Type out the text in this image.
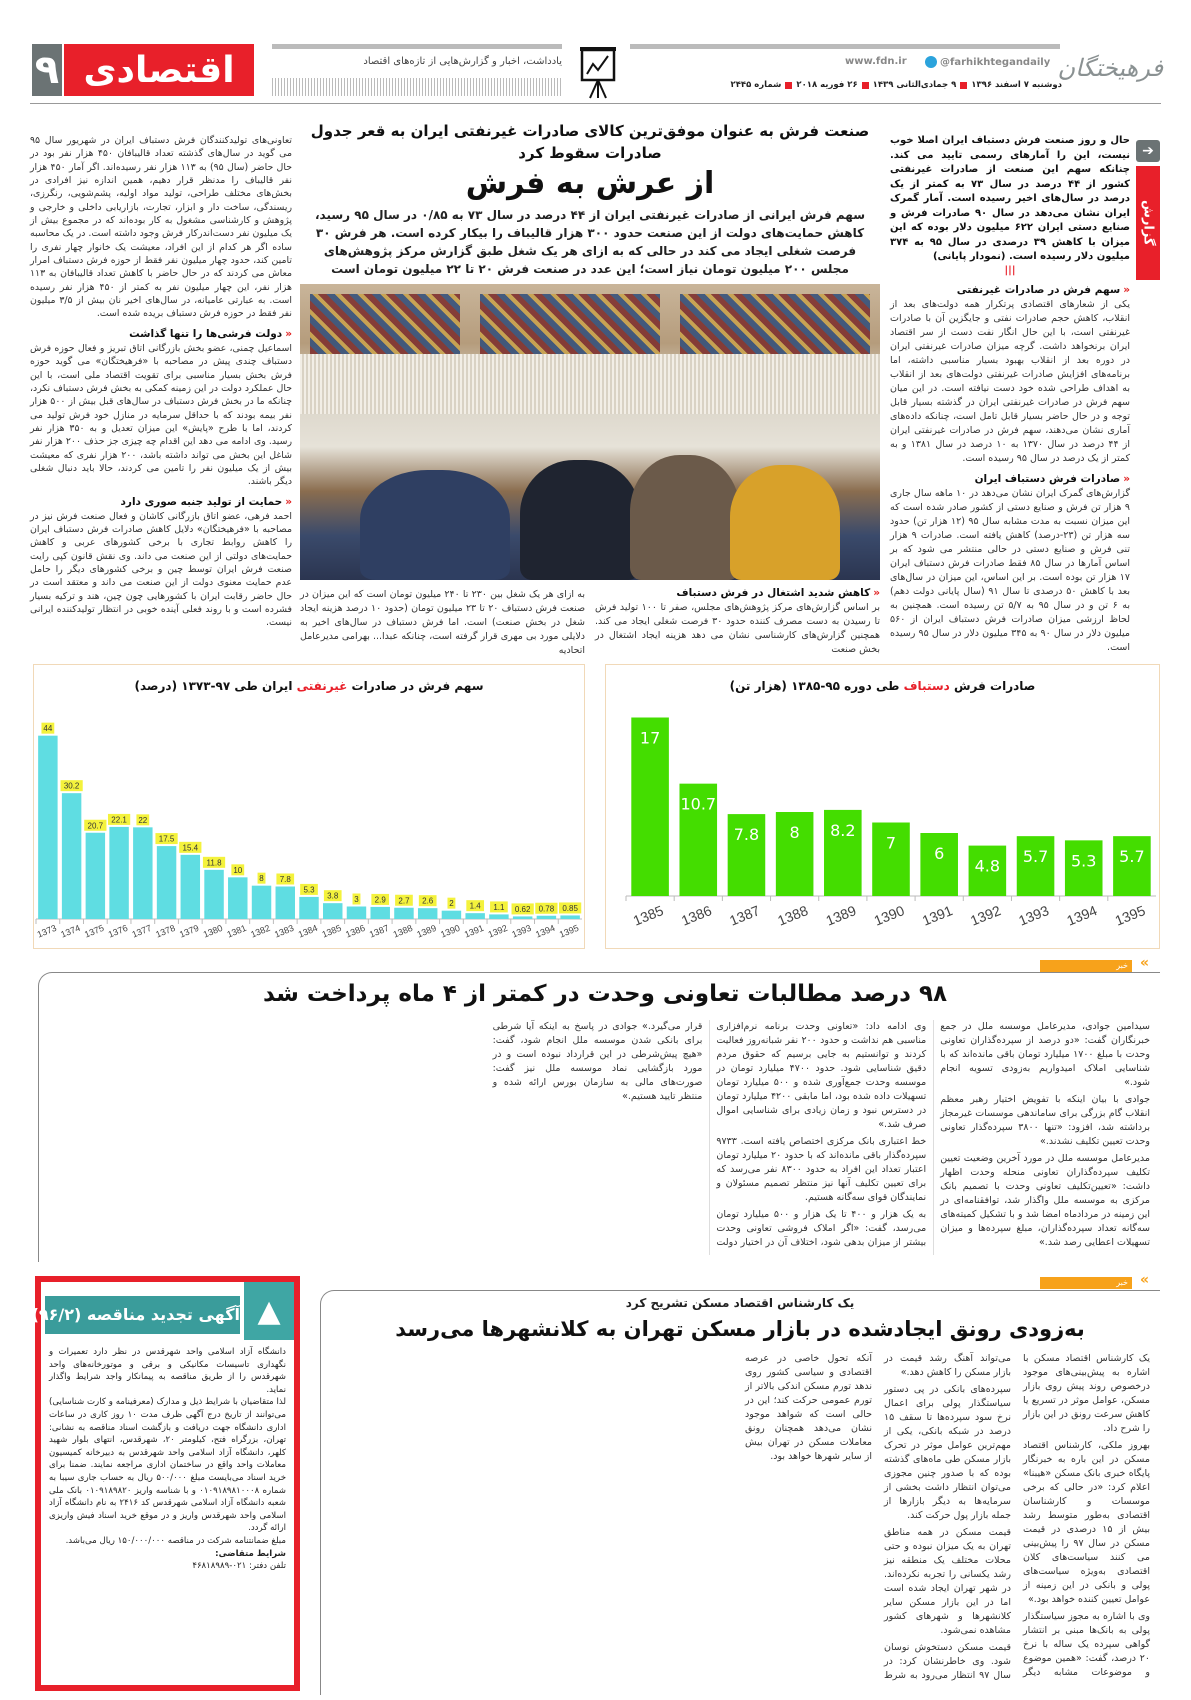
۹ اقتصادی	یادداشت، اخبار و گزارش‌هایی از تازه‌های اقتصاد	www.fdn.ir	@farhikhtegandaily
دوشنبه ۷ اسفند ۱۳۹۶
۹ جمادی‌الثانی ۱۴۳۹
۲۶ فوریه ۲۰۱۸
شماره ۲۴۴۵
فرهیختگان
➔
گزارش
حال و روز صنعت فرش دستباف ایران اصلا خوب نیست، این را آمارهای رسمی تایید می کند. چنانکه سهم این صنعت از صادرات غیرنفتی کشور از ۴۴ درصد در سال ۷۳ به کمتر از یک درصد در سال‌های اخیر رسیده است. آمار گمرک ایران نشان می‌دهد در سال ۹۰ صادرات فرش و صنایع دستی ایران ۶۲۲ میلیون دلار بوده که این میزان با کاهش ۳۹ درصدی در سال ۹۵ به ۳۷۴ میلیون دلار رسیده است. (نمودار پایانی)
|||
«سهم فرش در صادرات غیرنفتی
یکی از شعارهای اقتصادی پرتکرار همه دولت‌های بعد از انقلاب، کاهش حجم صادرات نفتی و جایگزین آن با صادرات غیرنفتی است، با این حال انگار نفت دست از سر اقتصاد ایران برنخواهد داشت. گرچه میزان صادرات غیرنفتی ایران در دوره بعد از انقلاب بهبود بسیار مناسبی داشته، اما برنامه‌های افزایش صادرات غیرنفتی دولت‌های بعد از انقلاب به اهداف طراحی شده خود دست نیافته است. در این میان سهم فرش در صادرات غیرنفتی ایران در گذشته بسیار قابل توجه و در حال حاضر بسیار قابل تامل است، چنانکه داده‌های آماری نشان می‌دهند، سهم فرش در صادرات غیرنفتی ایران از ۴۴ درصد در سال ۱۳۷۰ به ۱۰ درصد در سال ۱۳۸۱ و به کمتر از یک درصد در سال ۹۵ رسیده است.
«صادرات فرش دستباف ایران
گزارش‌های گمرک ایران نشان می‌دهد در ۱۰ ماهه سال جاری ۹ هزار تن فرش و صنایع دستی از کشور صادر شده است که این میزان نسبت به مدت مشابه سال ۹۵ (۱۲ هزار تن) حدود سه هزار تن (۲۳-درصد) کاهش یافته است. صادرات ۹ هزار تنی فرش و صنایع دستی در حالی منتشر می شود که بر اساس آمارها در سال ۸۵ فقط صادرات فرش دستباف ایران ۱۷ هزار تن بوده است. بر این اساس، این میزان در سال‌های بعد با کاهش ۵۰ درصدی تا سال ۹۱ (سال پایانی دولت دهم) به ۶ تن و در سال ۹۵ به ۵/۷ تن رسیده است. همچنین به لحاظ ارزشی میزان صادرات فرش دستباف ایران از ۵۶۰ میلیون دلار در سال ۹۰ به ۳۴۵ میلیون دلار در سال ۹۵ رسیده است.
صنعت فرش به عنوان موفق‌ترین کالای صادرات غیرنفتی ایران به قعر جدول صادرات سقوط کرد
از عرش به فرش
سهم فرش ایرانی از صادرات غیرنفتی ایران از ۴۴ درصد در سال ۷۳ به ۰/۸۵ در سال ۹۵ رسید، کاهش حمایت‌های دولت از این صنعت حدود ۳۰۰ هزار قالیباف را بیکار کرده است. هر فرش ۳۰ فرصت شغلی ایجاد می کند در حالی که به ازای هر یک شغل طبق گزارش مرکز پژوهش‌های مجلس ۲۰۰ میلیون تومان نیاز است؛ این عدد در صنعت فرش ۲۰ تا ۲۲ میلیون تومان است
«کاهش شدید اشتغال در فرش دستباف
بر اساس گزارش‌های مرکز پژوهش‌های مجلس، صفر تا ۱۰۰ تولید فرش تا رسیدن به دست مصرف کننده حدود ۳۰ فرصت شغلی ایجاد می کند. همچنین گزارش‌های کارشناسی نشان می دهد هزینه ایجاد اشتغال در بخش صنعت
به ازای هر یک شغل بین ۲۳۰ تا ۲۴۰ میلیون تومان است که این میزان در صنعت فرش دستباف ۲۰ تا ۲۳ میلیون تومان (حدود ۱۰ درصد هزینه ایجاد شغل در بخش صنعت) است. اما فرش دستباف در سال‌های اخیر به دلایلی مورد بی مهری قرار گرفته است، چنانکه عبدا... بهرامی مدیرعامل اتحادیه
تعاونی‌های تولیدکنندگان فرش دستباف ایران در شهریور سال ۹۵ می گوید در سال‌های گذشته تعداد قالیبافان ۴۵۰ هزار نفر بود در حال حاضر (سال ۹۵) به ۱۱۳ هزار نفر رسیده‌اند. اگر آمار ۴۵۰ هزار نفر قالیباف را مدنظر قرار دهیم، همین اندازه نیز افرادی در بخش‌های مختلف طراحی، تولید مواد اولیه، پشم‌شویی، رنگرزی، ریسندگی، ساخت دار و ابزار، تجارت، بازاریابی داخلی و خارجی و پژوهش و کارشناسی مشغول به کار بوده‌اند که در مجموع بیش از یک میلیون نفر دست‌اندرکار فرش وجود داشته است. در یک محاسبه ساده اگر هر کدام از این افراد، معیشت یک خانوار چهار نفری را تامین کند، حدود چهار میلیون نفر فقط از حوزه فرش دستباف امرار معاش می کردند که در حال حاضر با کاهش تعداد قالیبافان به ۱۱۳ هزار نفر، این چهار میلیون نفر به کمتر از ۴۵۰ هزار نفر رسیده است. به عبارتی عامیانه، در سال‌های اخیر نان بیش از ۳/۵ میلیون نفر فقط در حوزه فرش دستباف بریده شده است.
«دولت فرشی‌ها را تنها گذاشت
اسماعیل چمنی، عضو بخش بازرگانی اتاق تبریز و فعال حوزه فرش دستباف چندی پیش در مصاحبه با «فرهیختگان» می گوید حوزه فرش بخش بسیار مناسبی برای تقویت اقتصاد ملی است، با این حال عملکرد دولت در این زمینه کمکی به بخش فرش دستباف نکرد، چنانکه ما در بخش فرش دستباف در سال‌های قبل بیش از ۵۰۰ هزار نفر بیمه بودند که با حداقل سرمایه در منازل خود فرش تولید می کردند، اما با طرح «پایش» این میزان تعدیل و به ۳۵۰ هزار نفر رسید. وی ادامه می دهد این اقدام چه چیزی جز حذف ۲۰۰ هزار نفر شاغل این بخش می تواند داشته باشد، ۲۰۰ هزار نفری که معیشت بیش از یک میلیون نفر را تامین می کردند، حالا باید دنبال شغلی دیگر باشند.
«حمایت از تولید جنبه صوری دارد
احمد فرهی، عضو اتاق بازرگانی کاشان و فعال صنعت فرش نیز در مصاحبه با «فرهیختگان» دلایل کاهش صادرات فرش دستباف ایران را کاهش روابط تجاری با برخی کشورهای عربی و کاهش حمایت‌های دولتی از این صنعت می داند. وی نقش قانون کپی رایت صنعت فرش ایران توسط چین و برخی کشورهای دیگر را حامل عدم حمایت معنوی دولت از این صنعت می داند و معتقد است در حال حاضر رقابت ایران با کشورهایی چون چین، هند و ترکیه بسیار فشرده است و با روند فعلی آینده خوبی در انتظار تولیدکننده ایرانی نیست.
1373
44
1374
30.2
1375
20.7
1376
22.1
1377
22
1378
17.5
1379
15.4
1380
11.8
1381
10
1382
8
1383
7.8
1384
5.3
1385
3.8
1386
3
1387
2.9
1388
2.7
1389
2.6
1390
2
1391
1.4
1392
1.1
1393
0.62
1394
0.78
1395
0.85
سهم فرش در صادرات غیرنفتی ایران طی ۹۷-۱۳۷۳ (درصد)
1385
17
1386
10.7
1387
7.8
1388
8
1389
8.2
1390
7
1391
6
1392
4.8
1393
5.7
1394
5.3
1395
5.7
صادرات فرش دستباف طی دوره ۹۵-۱۳۸۵ (هزار تن)
خبر »
۹۸ درصد مطالبات تعاونی وحدت در کمتر از ۴ ماه پرداخت شد

سیدامین جوادی، مدیرعامل موسسه ملل در جمع خبرنگاران گفت: «دو درصد از سپرده‌گذاران تعاونی وحدت با مبلغ ۱۷۰۰ میلیارد تومان باقی مانده‌اند که با شناسایی املاک امیدواریم به‌زودی تسویه انجام شود.»

جوادی با بیان اینکه با تفویض اختیار رهبر معظم انقلاب گام بزرگی برای ساماندهی موسسات غیرمجاز برداشته شد، افزود: «تنها ۳۸۰۰ سپرده‌گذار تعاونی وحدت تعیین تکلیف نشدند.»

مدیرعامل موسسه ملل در مورد آخرین وضعیت تعیین تکلیف سپرده‌گذاران تعاونی منحله وحدت اظهار داشت: «تعیین‌تکلیف تعاونی وحدت با تصمیم بانک مرکزی به موسسه ملل واگذار شد، توافقنامه‌ای در این زمینه در مردادماه امضا شد و با تشکیل کمیته‌های سه‌گانه تعداد سپرده‌گذاران، مبلغ سپرده‌ها و میزان تسهیلات اعطایی رصد شد.»

وی ادامه داد: «تعاونی وحدت برنامه نرم‌افزاری مناسبی هم نداشت و حدود ۲۰۰ نفر شبانه‌روز فعالیت کردند و توانستیم به جایی برسیم که حقوق مردم دقیق شناسایی شود. حدود ۴۷۰۰ میلیارد تومان در موسسه وحدت جمع‌آوری شده و ۵۰۰ میلیارد تومان تسهیلات داده شده بود، اما مابقی ۴۲۰۰ میلیارد تومان در دسترس نبود و زمان زیادی برای شناسایی اموال صرف شد.»

خط اعتباری بانک مرکزی اختصاص یافته است. ۹۷۳۳ سپرده‌گذار باقی مانده‌اند که با حدود ۲۰ میلیارد تومان اعتبار تعداد این افراد به حدود ۸۳۰۰ نفر می‌رسد که برای تعیین تکلیف آنها نیز منتظر تصمیم مسئولان و نمایندگان قوای سه‌گانه هستیم.

به یک هزار و ۴۰۰ تا یک هزار و ۵۰۰ میلیارد تومان می‌رسد، گفت: «اگر املاک فروشی تعاونی وحدت بیشتر از میزان بدهی شود، اختلاف آن در اختیار دولت قرار می‌گیرد.» جوادی در پاسخ به اینکه آیا شرطی برای بانکی شدن موسسه ملل انجام شود، گفت: «هیچ پیش‌شرطی در این قرارداد نبوده است و در مورد بازگشایی نماد موسسه ملل نیز گفت: صورت‌های مالی به سازمان بورس ارائه شده و منتظر تایید هستیم.»

▲
آگهی تجدید مناقصه (۹۶/۲)

دانشگاه آزاد اسلامی واحد شهرقدس در نظر دارد تعمیرات و نگهداری تاسیسات مکانیکی و برقی و موتورخانه‌های واحد شهرقدس را از طریق مناقصه به پیمانکار واجد شرایط واگذار نماید.

لذا متقاضیان با شرایط ذیل و مدارک (معرفینامه و کارت شناسایی) می‌توانند از تاریخ درج آگهی ظرف مدت ۱۰ روز کاری در ساعات اداری دانشگاه جهت دریافت و بازگشت اسناد مناقصه به نشانی: تهران، بزرگراه فتح، کیلومتر ۲۰، شهرقدس، انتهای بلوار شهید کلهر، دانشگاه آزاد اسلامی واحد شهرقدس به دبیرخانه کمیسیون معاملات واحد واقع در ساختمان اداری مراجعه نمایند. ضمنا برای خرید اسناد می‌بایست مبلغ ۵۰۰/۰۰۰ ریال به حساب جاری سیبا به شماره ۰۱۰۹۱۸۹۸۱۰۰۰۸ و با شناسه واریز ۰۱۰۹۱۸۹۸۲۰ بانک ملی شعبه دانشگاه آزاد اسلامی شهرقدس کد ۲۴۱۶ به نام دانشگاه آزاد اسلامی واحد شهرقدس واریز و در موقع خرید اسناد فیش واریزی ارائه گردد.

مبلغ ضمانتنامه شرکت در مناقصه ۱۵۰/۰۰۰/۰۰۰ ریال می‌باشد.

شرایط متقاضی:

تلفن دفتر: ۰۲۱-۴۶۸۱۸۹۸۹

خبر »
یک کارشناس اقتصاد مسکن تشریح کرد
به‌زودی رونق ایجادشده در بازار مسکن تهران به کلانشهرها می‌رسد

یک کارشناس اقتصاد مسکن با اشاره به پیش‌بینی‌های موجود درخصوص روند پیش روی بازار مسکن، عوامل موثر در تسریع یا کاهش سرعت رونق در این بازار را شرح داد.

بهروز ملکی، کارشناس اقتصاد مسکن در این باره به خبرنگار پایگاه خبری بانک مسکن «هیبنا» اعلام کرد: «در حالی که برخی موسسات و کارشناسان اقتصادی به‌طور متوسط رشد بیش از ۱۵ درصدی در قیمت مسکن در سال ۹۷ را پیش‌بینی می کنند سیاست‌های کلان اقتصادی به‌ویژه سیاست‌های پولی و بانکی در این زمینه از عوامل تعیین کننده خواهد بود.»

وی با اشاره به مجوز سیاستگذار پولی به بانک‌ها مبنی بر انتشار گواهی سپرده یک ساله با نرخ ۲۰ درصد، گفت: «همین موضوع و موضوعات مشابه دیگر می‌تواند آهنگ رشد قیمت در بازار مسکن را کاهش دهد.»

سپرده‌های بانکی در پی دستور سیاستگذار پولی برای اعمال نرخ سود سپرده‌ها تا سقف ۱۵ درصد در شبکه بانکی، یکی از مهم‌ترین عوامل موثر در تحرک بازار مسکن طی ماه‌های گذشته بوده که با صدور چنین مجوزی می‌توان انتظار داشت بخشی از سرمایه‌ها به دیگر بازارها از جمله بازار پول حرکت کند.

قیمت مسکن در همه مناطق تهران به یک میزان نبوده و حتی محلات مختلف یک منطقه نیز رشد یکسانی را تجربه نکرده‌اند. در شهر تهران ایجاد شده است اما در این بازار مسکن سایر کلانشهرها و شهرهای کشور مشاهده نمی‌شود.

قیمت مسکن دستخوش نوسان شود. وی خاطرنشان کرد: در سال ۹۷ انتظار می‌رود به شرط آنکه تحول خاصی در عرصه اقتصادی و سیاسی کشور روی ندهد تورم مسکن اندکی بالاتر از تورم عمومی حرکت کند؛ این در حالی است که شواهد موجود نشان می‌دهد همچنان رونق معاملات مسکن در تهران بیش از سایر شهرها خواهد بود.
